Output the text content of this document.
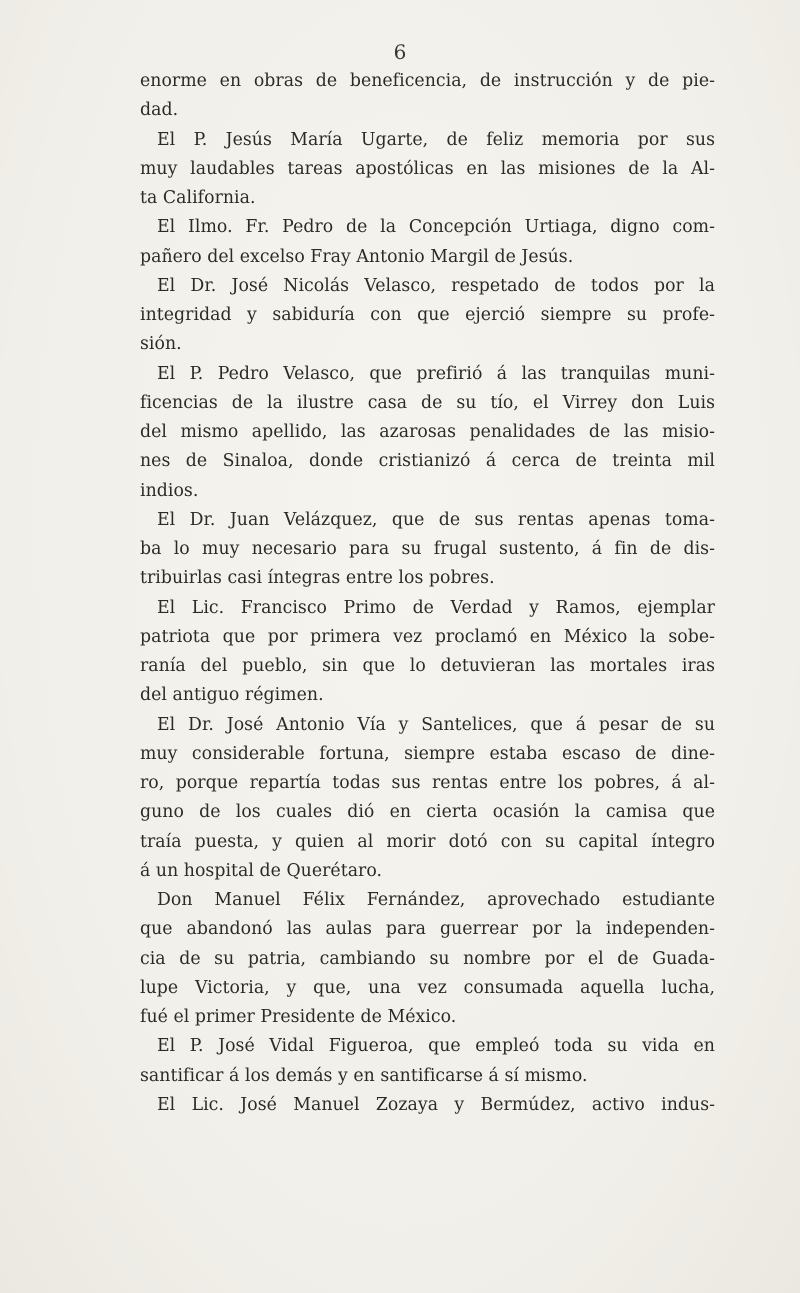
6
enorme en obras de beneficencia, de instrucción y de pie-
dad.
El P. Jesús María Ugarte, de feliz memoria por sus
muy laudables tareas apostólicas en las misiones de la Al-
ta California.
El Ilmo. Fr. Pedro de la Concepción Urtiaga, digno com-
pañero del excelso Fray Antonio Margil de Jesús.
El Dr. José Nicolás Velasco, respetado de todos por la
integridad y sabiduría con que ejerció siempre su profe-
sión.
El P. Pedro Velasco, que prefirió á las tranquilas muni-
ficencias de la ilustre casa de su tío, el Virrey don Luis
del mismo apellido, las azarosas penalidades de las misio-
nes de Sinaloa, donde cristianizó á cerca de treinta mil
indios.
El Dr. Juan Velázquez, que de sus rentas apenas toma-
ba lo muy necesario para su frugal sustento, á fin de dis-
tribuirlas casi íntegras entre los pobres.
El Lic. Francisco Primo de Verdad y Ramos, ejemplar
patriota que por primera vez proclamó en México la sobe-
ranía del pueblo, sin que lo detuvieran las mortales iras
del antiguo régimen.
El Dr. José Antonio Vía y Santelices, que á pesar de su
muy considerable fortuna, siempre estaba escaso de dine-
ro, porque repartía todas sus rentas entre los pobres, á al-
guno de los cuales dió en cierta ocasión la camisa que
traía puesta, y quien al morir dotó con su capital íntegro
á un hospital de Querétaro.
Don Manuel Félix Fernández, aprovechado estudiante
que abandonó las aulas para guerrear por la independen-
cia de su patria, cambiando su nombre por el de Guada-
lupe Victoria, y que, una vez consumada aquella lucha,
fué el primer Presidente de México.
El P. José Vidal Figueroa, que empleó toda su vida en
santificar á los demás y en santificarse á sí mismo.
El Lic. José Manuel Zozaya y Bermúdez, activo indus-
